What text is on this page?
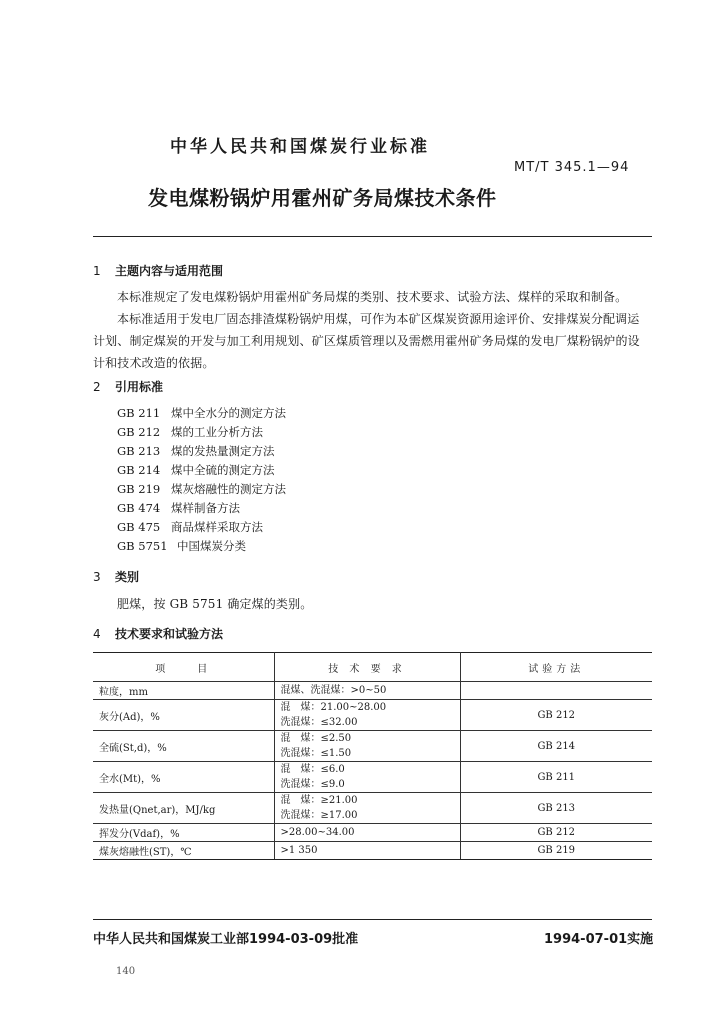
中华人民共和国煤炭行业标准
MT/T 345.1—94
发电煤粉锅炉用霍州矿务局煤技术条件
1 主题内容与适用范围
本标准规定了发电煤粉锅炉用霍州矿务局煤的类别、技术要求、试验方法、煤样的采取和制备。
本标准适用于发电厂固态排渣煤粉锅炉用煤，可作为本矿区煤炭资源用途评价、安排煤炭分配调运计划、制定煤炭的开发与加工利用规划、矿区煤质管理以及需燃用霍州矿务局煤的发电厂煤粉锅炉的设计和技术改造的依据。
2 引用标准
GB 211 煤中全水分的测定方法
GB 212 煤的工业分析方法
GB 213 煤的发热量测定方法
GB 214 煤中全硫的测定方法
GB 219 煤灰熔融性的测定方法
GB 474 煤样制备方法
GB 475 商品煤样采取方法
GB 5751 中国煤炭分类
3 类别
肥煤，按 GB 5751 确定煤的类别。
4 技术要求和试验方法
项　　目	技 术 要 求	试验方法
粒度，mm	混煤、洗混煤：>0~50	

灰分(Ad)，%	混　煤：21.00~28.00
洗混煤：≤32.00	GB 212
全硫(St,d)，%	混　煤：≤2.50
洗混煤：≤1.50	GB 214
全水(Mt)，%	混　煤：≤6.0
洗混煤：≤9.0	GB 211
发热量(Qnet,ar)，MJ/kg	混　煤：≥21.00
洗混煤：≥17.00	GB 213
挥发分(Vdaf)，%	>28.00~34.00	GB 212
煤灰熔融性(ST)，℃	>1 350	GB 219
中华人民共和国煤炭工业部1994-03-09批准	1994-07-01实施
140
